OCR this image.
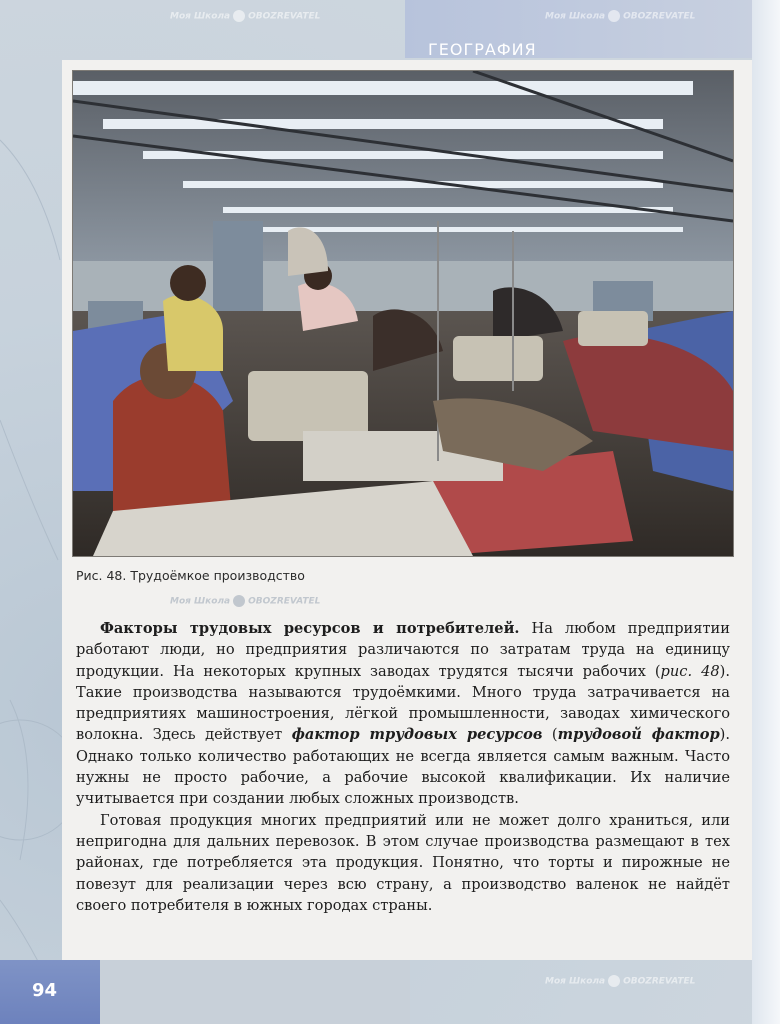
ГЕОГРАФИЯ
Рис. 48. Трудоёмкое производство

Факторы трудовых ресурсов и потребителей. На любом предприятии работают люди, но предприятия различаются по затратам труда на единицу продукции. На некоторых крупных заводах трудятся тысячи рабочих (рис. 48). Такие производства называются трудоёмкими. Много труда затрачивается на предприятиях машиностроения, лёгкой промышленности, заводах химического волокна. Здесь действует фактор трудовых ресурсов (трудовой фактор). Однако только количество работающих не всегда является самым важным. Часто нужны не просто рабочие, а рабочие высокой квалификации. Их наличие учитывается при создании любых сложных производств.

Готовая продукция многих предприятий или не может долго храниться, или непригодна для дальних перевозок. В этом случае производства размещают в тех районах, где потребляется эта продукция. Понятно, что торты и пирожные не повезут для реализации через всю страну, а производство валенок не найдёт своего потребителя в южных городах страны.

94
Моя Школа OBOZREVATEL	Моя Школа OBOZREVATEL
Моя Школа OBOZREVATEL
Моя Школа OBOZREVATEL
